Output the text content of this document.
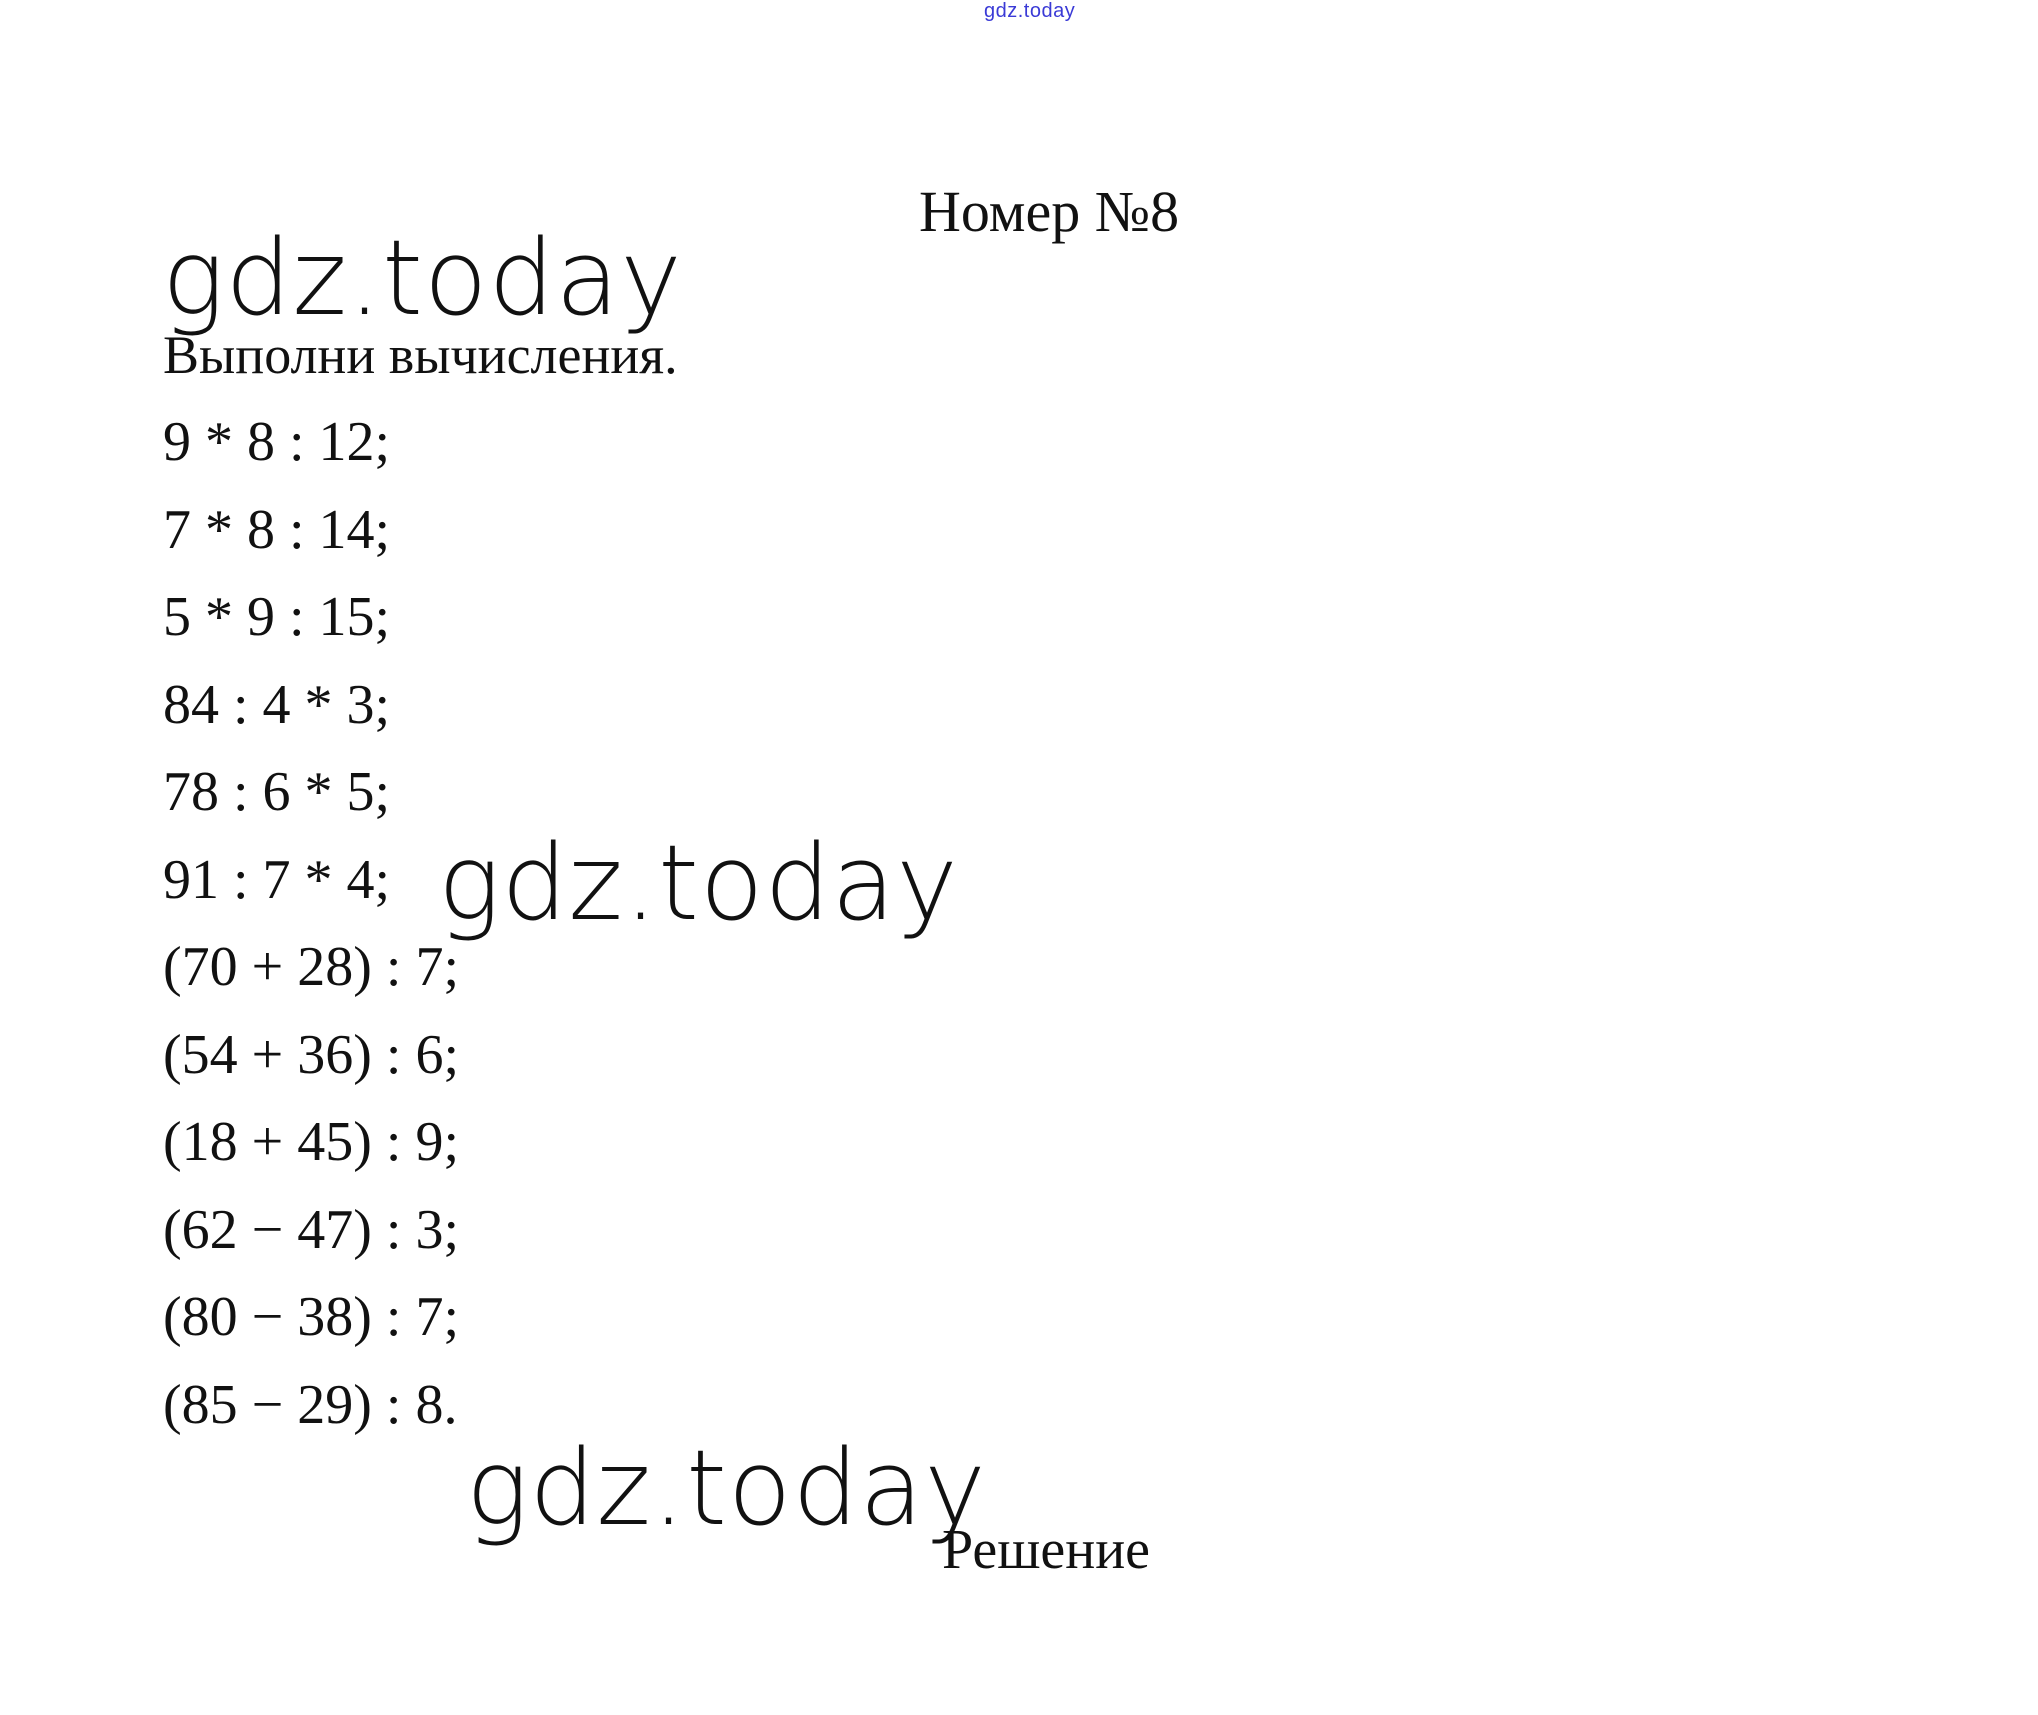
gdz.today
Номер №8
gdz.today
Выполни вычисления.
9 * 8 : 12;
7 * 8 : 14;
5 * 9 : 15;
84 : 4 * 3;
78 : 6 * 5;
91 : 7 * 4;
(70 + 28) : 7;
(54 + 36) : 6;
(18 + 45) : 9;
(62 − 47) : 3;
(80 − 38) : 7;
(85 − 29) : 8.
gdz.today
gdz.today
Решение
